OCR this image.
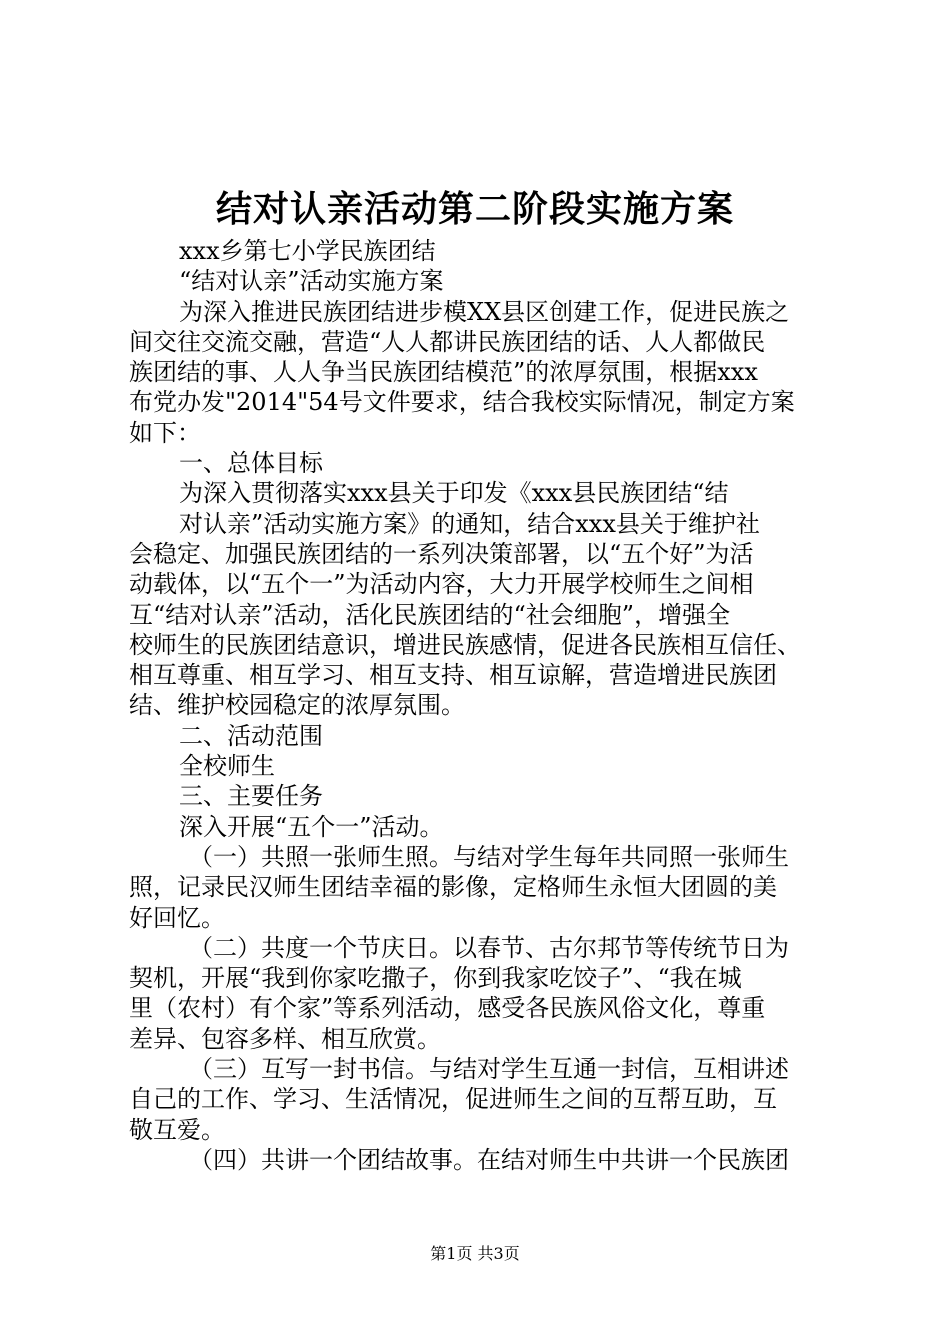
结对认亲活动第二阶段实施方案

xxx乡第七小学民族团结

“结对认亲”活动实施方案

为深入推进民族团结进步模XX县区创建工作，促进民族之

间交往交流交融，营造“人人都讲民族团结的话、人人都做民

族团结的事、人人争当民族团结模范”的浓厚氛围，根据xxx

布党办发"2014"54号文件要求，结合我校实际情况，制定方案

如下：

一、总体目标

为深入贯彻落实xxx县关于印发《xxx县民族团结“结

对认亲”活动实施方案》的通知，结合xxx县关于维护社

会稳定、加强民族团结的一系列决策部署，以“五个好”为活

动载体，以“五个一”为活动内容，大力开展学校师生之间相

互“结对认亲”活动，活化民族团结的“社会细胞”，增强全

校师生的民族团结意识，增进民族感情，促进各民族相互信任、

相互尊重、相互学习、相互支持、相互谅解，营造增进民族团

结、维护校园稳定的浓厚氛围。

二、活动范围

全校师生

三、主要任务

深入开展“五个一”活动。

（一）共照一张师生照。与结对学生每年共同照一张师生

照，记录民汉师生团结幸福的影像，定格师生永恒大团圆的美

好回忆。

（二）共度一个节庆日。以春节、古尔邦节等传统节日为

契机，开展“我到你家吃撒子，你到我家吃饺子”、“我在城

里（农村）有个家”等系列活动，感受各民族风俗文化，尊重

差异、包容多样、相互欣赏。

（三）互写一封书信。与结对学生互通一封信，互相讲述

自己的工作、学习、生活情况，促进师生之间的互帮互助，互

敬互爱。

（四）共讲一个团结故事。在结对师生中共讲一个民族团

第1页 共3页
